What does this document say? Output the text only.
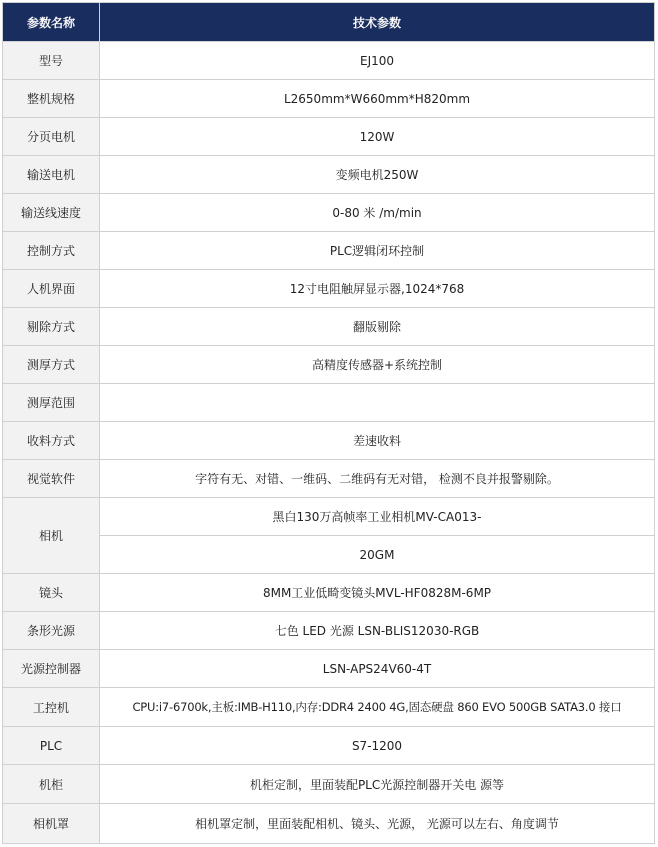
参数名称	技术参数
型号	EJ100
整机规格	L2650mm*W660mm*H820mm
分页电机	120W
输送电机	变频电机250W
输送线速度	0-80 米 /m/min
控制方式	PLC逻辑闭环控制
人机界面	12寸电阻触屏显示器,1024*768
剔除方式	翻版剔除
测厚方式	高精度传感器+系统控制
测厚范围	
收料方式	差速收料
视觉软件	字符有无、对错、一维码、二维码有无对错， 检测不良并报警剔除。
相机	黑白130万高帧率工业相机MV-CA013-
	20GM
镜头	8MM工业低畸变镜头MVL-HF0828M-6MP
条形光源	七色 LED 光源 LSN-BLIS12030-RGB
光源控制器	LSN-APS24V60-4T
工控机	CPU:i7-6700k,主板:IMB-H110,内存:DDR4 2400 4G,固态硬盘 860 EVO 500GB SATA3.0 接口
PLC	S7-1200
机柜	机柜定制，里面装配PLC光源控制器开关电 源等
相机罩	相机罩定制，里面装配相机、镜头、光源， 光源可以左右、角度调节
